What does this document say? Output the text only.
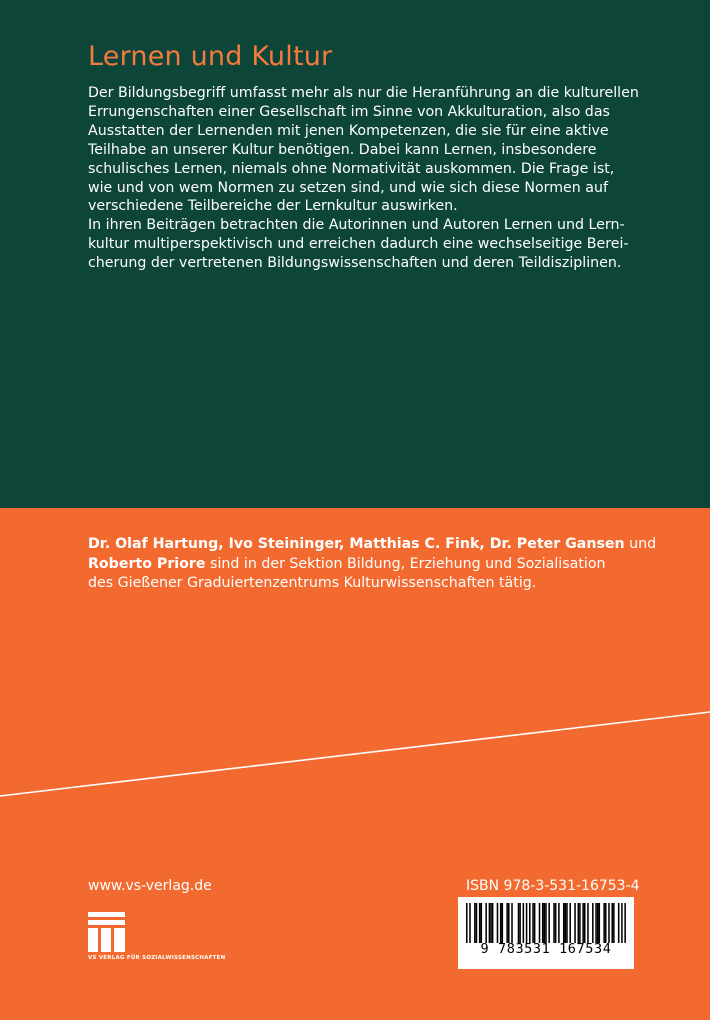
Lernen und Kultur
Der Bildungsbegriff umfasst mehr als nur die Heranführung an die kulturellen
Errungenschaften einer Gesellschaft im Sinne von Akkulturation, also das
Ausstatten der Lernenden mit jenen Kompetenzen, die sie für eine aktive
Teilhabe an unserer Kultur benötigen. Dabei kann Lernen, insbesondere
schulisches Lernen, niemals ohne Normativität auskommen. Die Frage ist,
wie und von wem Normen zu setzen sind, und wie sich diese Normen auf
verschiedene Teilbereiche der Lernkultur auswirken.
In ihren Beiträgen betrachten die Autorinnen und Autoren Lernen und Lern-
kultur multiperspektivisch und erreichen dadurch eine wechselseitige Berei-
cherung der vertretenen Bildungswissenschaften und deren Teildisziplinen.
Dr. Olaf Hartung, Ivo Steininger, Matthias C. Fink, Dr. Peter Gansen und
Roberto Priore sind in der Sektion Bildung, Erziehung und Sozialisation
des Gießener Graduiertenzentrums Kulturwissenschaften tätig.
www.vs-verlag.de
VS VERLAG FÜR SOZIALWISSENSCHAFTEN
ISBN 978-3-531-16753-4
9 783531 167534
